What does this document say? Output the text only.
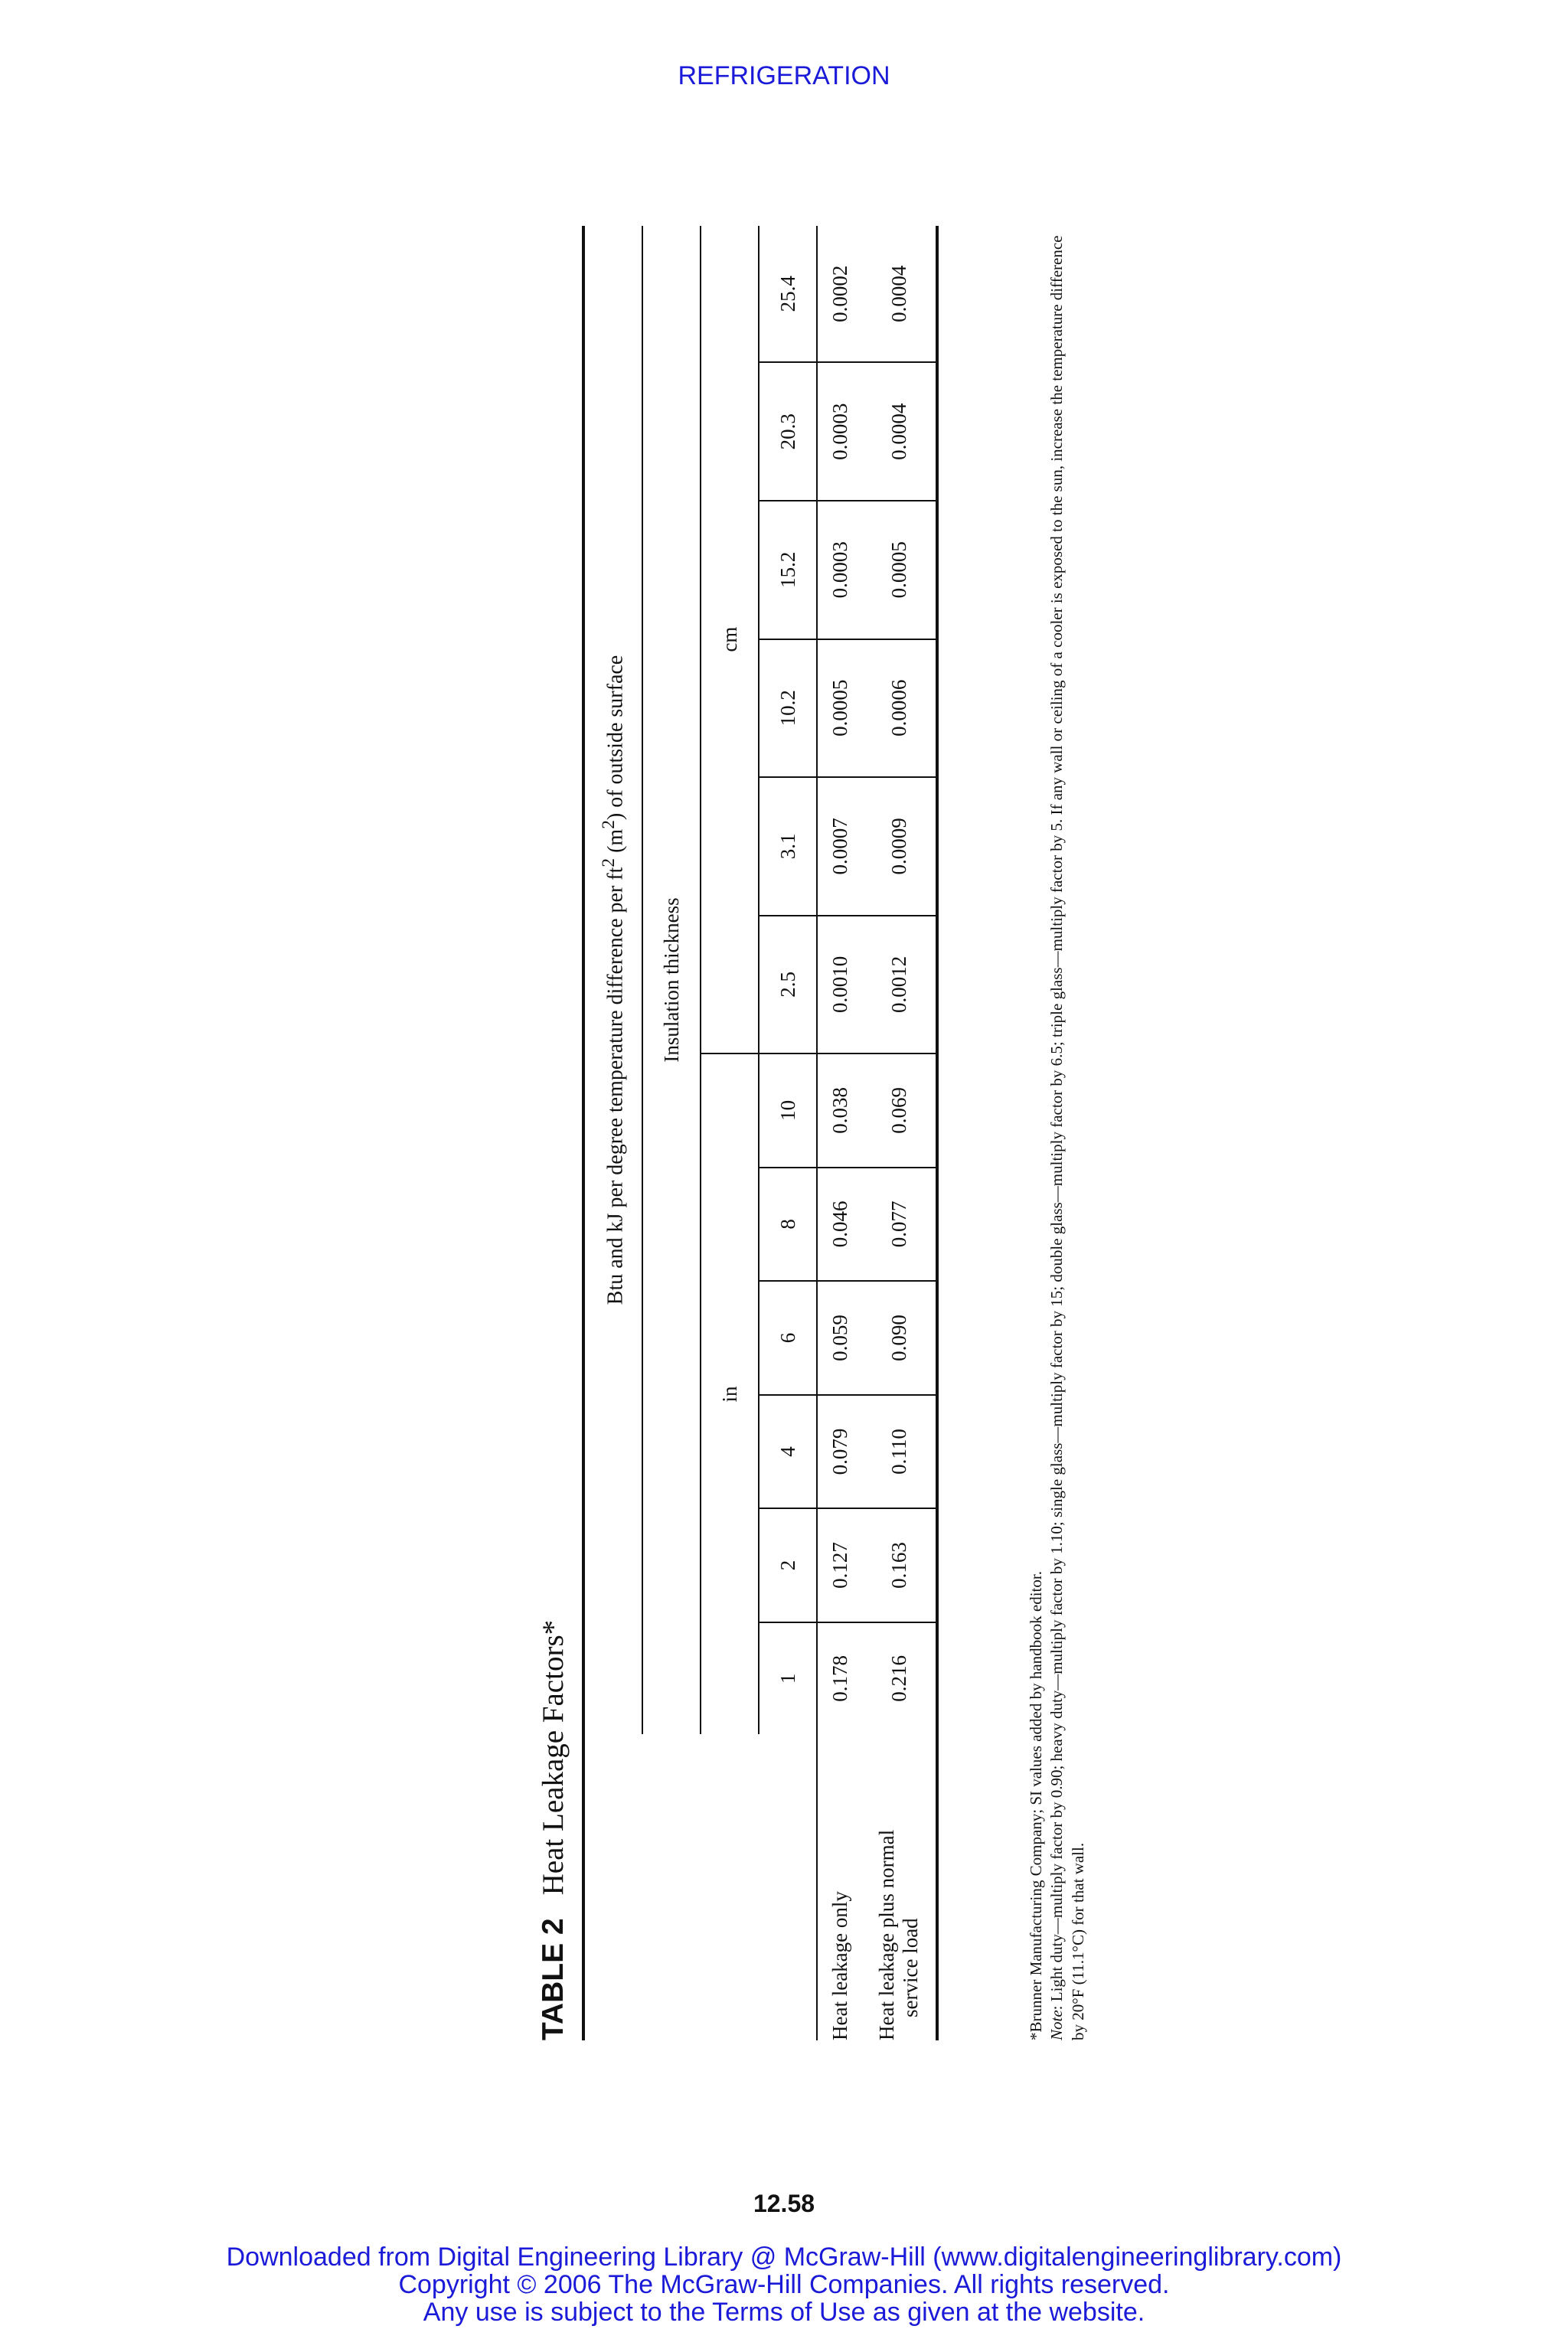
REFRIGERATION
TABLE 2Heat Leakage Factors*
	Btu and kJ per degree temperature difference per $ft^2$ $(m^2)$ of outside surface											
	Insulation thickness											
	in						cm					
	1	2	4	6	8	10	2.5	3.1	10.2	15.2	20.3	25.4
Heat leakage only	0.178	0.127	0.079	0.059	0.046	0.038	0.0010	0.0007	0.0005	0.0003	0.0003	0.0002

Heat leakage plus normal service load	0.216	0.163	0.110	0.090	0.077	0.069	0.0012	0.0009	0.0006	0.0005	0.0004	0.0004

*Brunner Manufacturing Company; SI values added by handbook editor. Note: Light duty—multiply factor by 0.90; heavy duty—multiply factor by 1.10; single glass—multiply factor by 15; double glass—multiply factor by 6.5; triple glass—multiply factor by 5. If any wall or ceiling of a cooler is exposed to the sun, increase the temperature difference by 20°F (11.1°C) for that wall.

12.58
Downloaded from Digital Engineering Library @ McGraw-Hill (www.digitalengineeringlibrary.com)
Copyright © 2006 The McGraw-Hill Companies. All rights reserved.
Any use is subject to the Terms of Use as given at the website.
